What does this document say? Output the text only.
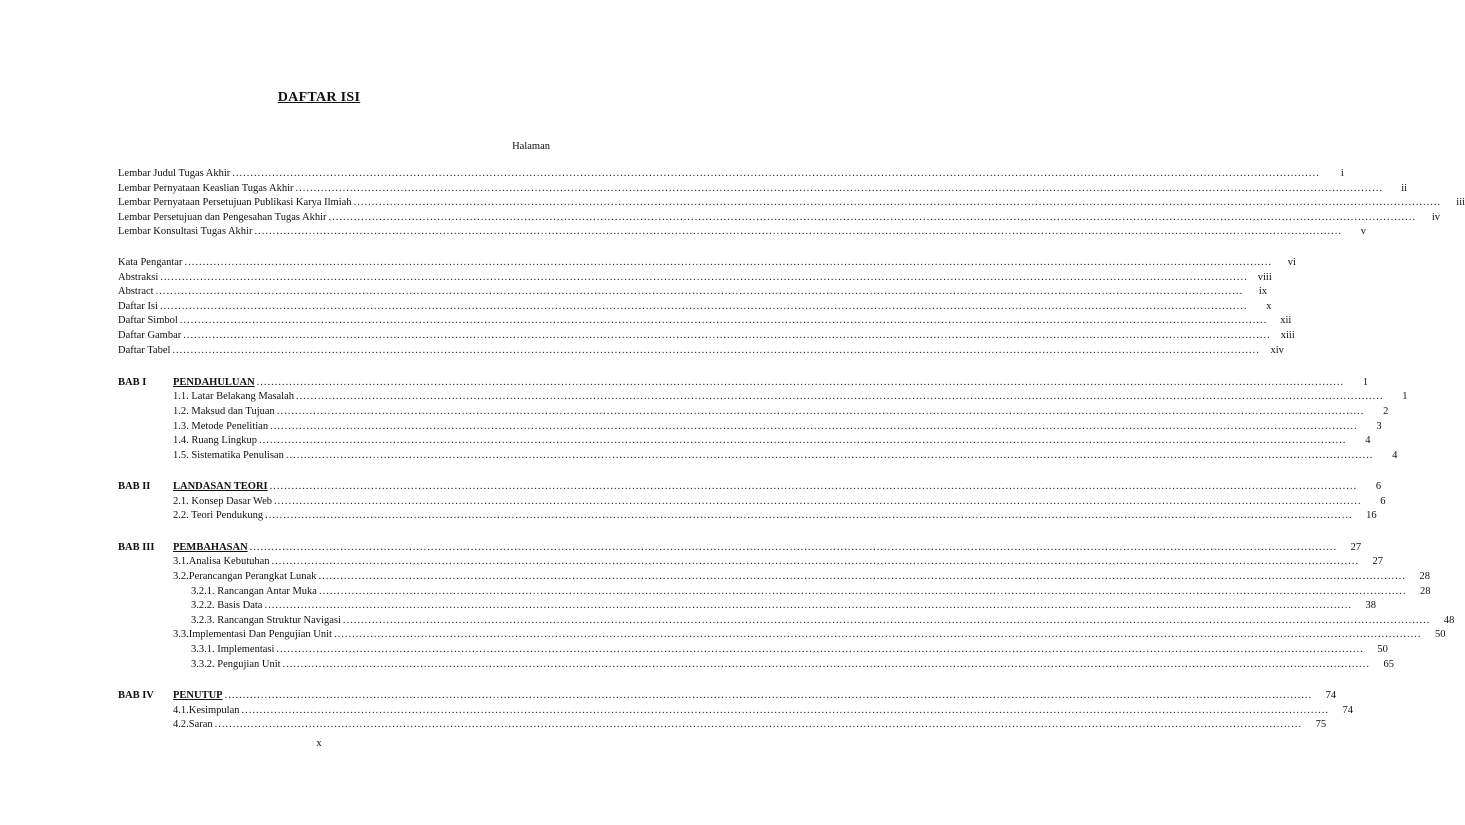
DAFTAR ISI
Halaman
Lembar Judul Tugas Akhir ............................................................................................................................................................................................................................................................................................................	i
Lembar Pernyataan Keaslian Tugas Akhir ............................................................................................................................................................................................................................................................................................................	ii
Lembar Pernyataan Persetujuan Publikasi Karya Ilmiah ............................................................................................................................................................................................................................................................................................................	iii
Lembar Persetujuan dan Pengesahan Tugas Akhir ............................................................................................................................................................................................................................................................................................................	iv
Lembar Konsultasi Tugas Akhir ............................................................................................................................................................................................................................................................................................................	v
Kata Pengantar ............................................................................................................................................................................................................................................................................................................	vi
Abstraksi ............................................................................................................................................................................................................................................................................................................ viii
Abstract ............................................................................................................................................................................................................................................................................................................	ix
Daftar Isi ............................................................................................................................................................................................................................................................................................................	x
Daftar Simbol ............................................................................................................................................................................................................................................................................................................	xii
Daftar Gambar ............................................................................................................................................................................................................................................................................................................ xiii
Daftar Tabel ............................................................................................................................................................................................................................................................................................................	xiv
BAB I	PENDAHULUAN ............................................................................................................................................................................................................................................................................................................	1
1.1. Latar Belakang Masalah ............................................................................................................................................................................................................................................................................................................	1
1.2. Maksud dan Tujuan ............................................................................................................................................................................................................................................................................................................	2
1.3. Metode Penelitian ............................................................................................................................................................................................................................................................................................................	3
1.4. Ruang Lingkup ............................................................................................................................................................................................................................................................................................................	4
1.5. Sistematika Penulisan ............................................................................................................................................................................................................................................................................................................	4
BAB II LANDASAN TEORI ............................................................................................................................................................................................................................................................................................................	6
2.1. Konsep Dasar Web ............................................................................................................................................................................................................................................................................................................	6
2.2. Teori Pendukung ............................................................................................................................................................................................................................................................................................................	16
BAB III PEMBAHASAN ............................................................................................................................................................................................................................................................................................................	27
3.1.Analisa Kebutuhan ............................................................................................................................................................................................................................................................................................................	27
3.2.Perancangan Perangkat Lunak ............................................................................................................................................................................................................................................................................................................	28
3.2.1. Rancangan Antar Muka ............................................................................................................................................................................................................................................................................................................	28
3.2.2. Basis Data ............................................................................................................................................................................................................................................................................................................	38
3.2.3. Rancangan Struktur Navigasi ............................................................................................................................................................................................................................................................................................................	48
3.3.Implementasi Dan Pengujian Unit ............................................................................................................................................................................................................................................................................................................	50
3.3.1. Implementasi ............................................................................................................................................................................................................................................................................................................	50
3.3.2. Pengujian Unit ............................................................................................................................................................................................................................................................................................................	65
BAB IV PENUTUP ............................................................................................................................................................................................................................................................................................................	74
4.1.Kesimpulan ............................................................................................................................................................................................................................................................................................................	74
4.2.Saran ............................................................................................................................................................................................................................................................................................................	75
x
